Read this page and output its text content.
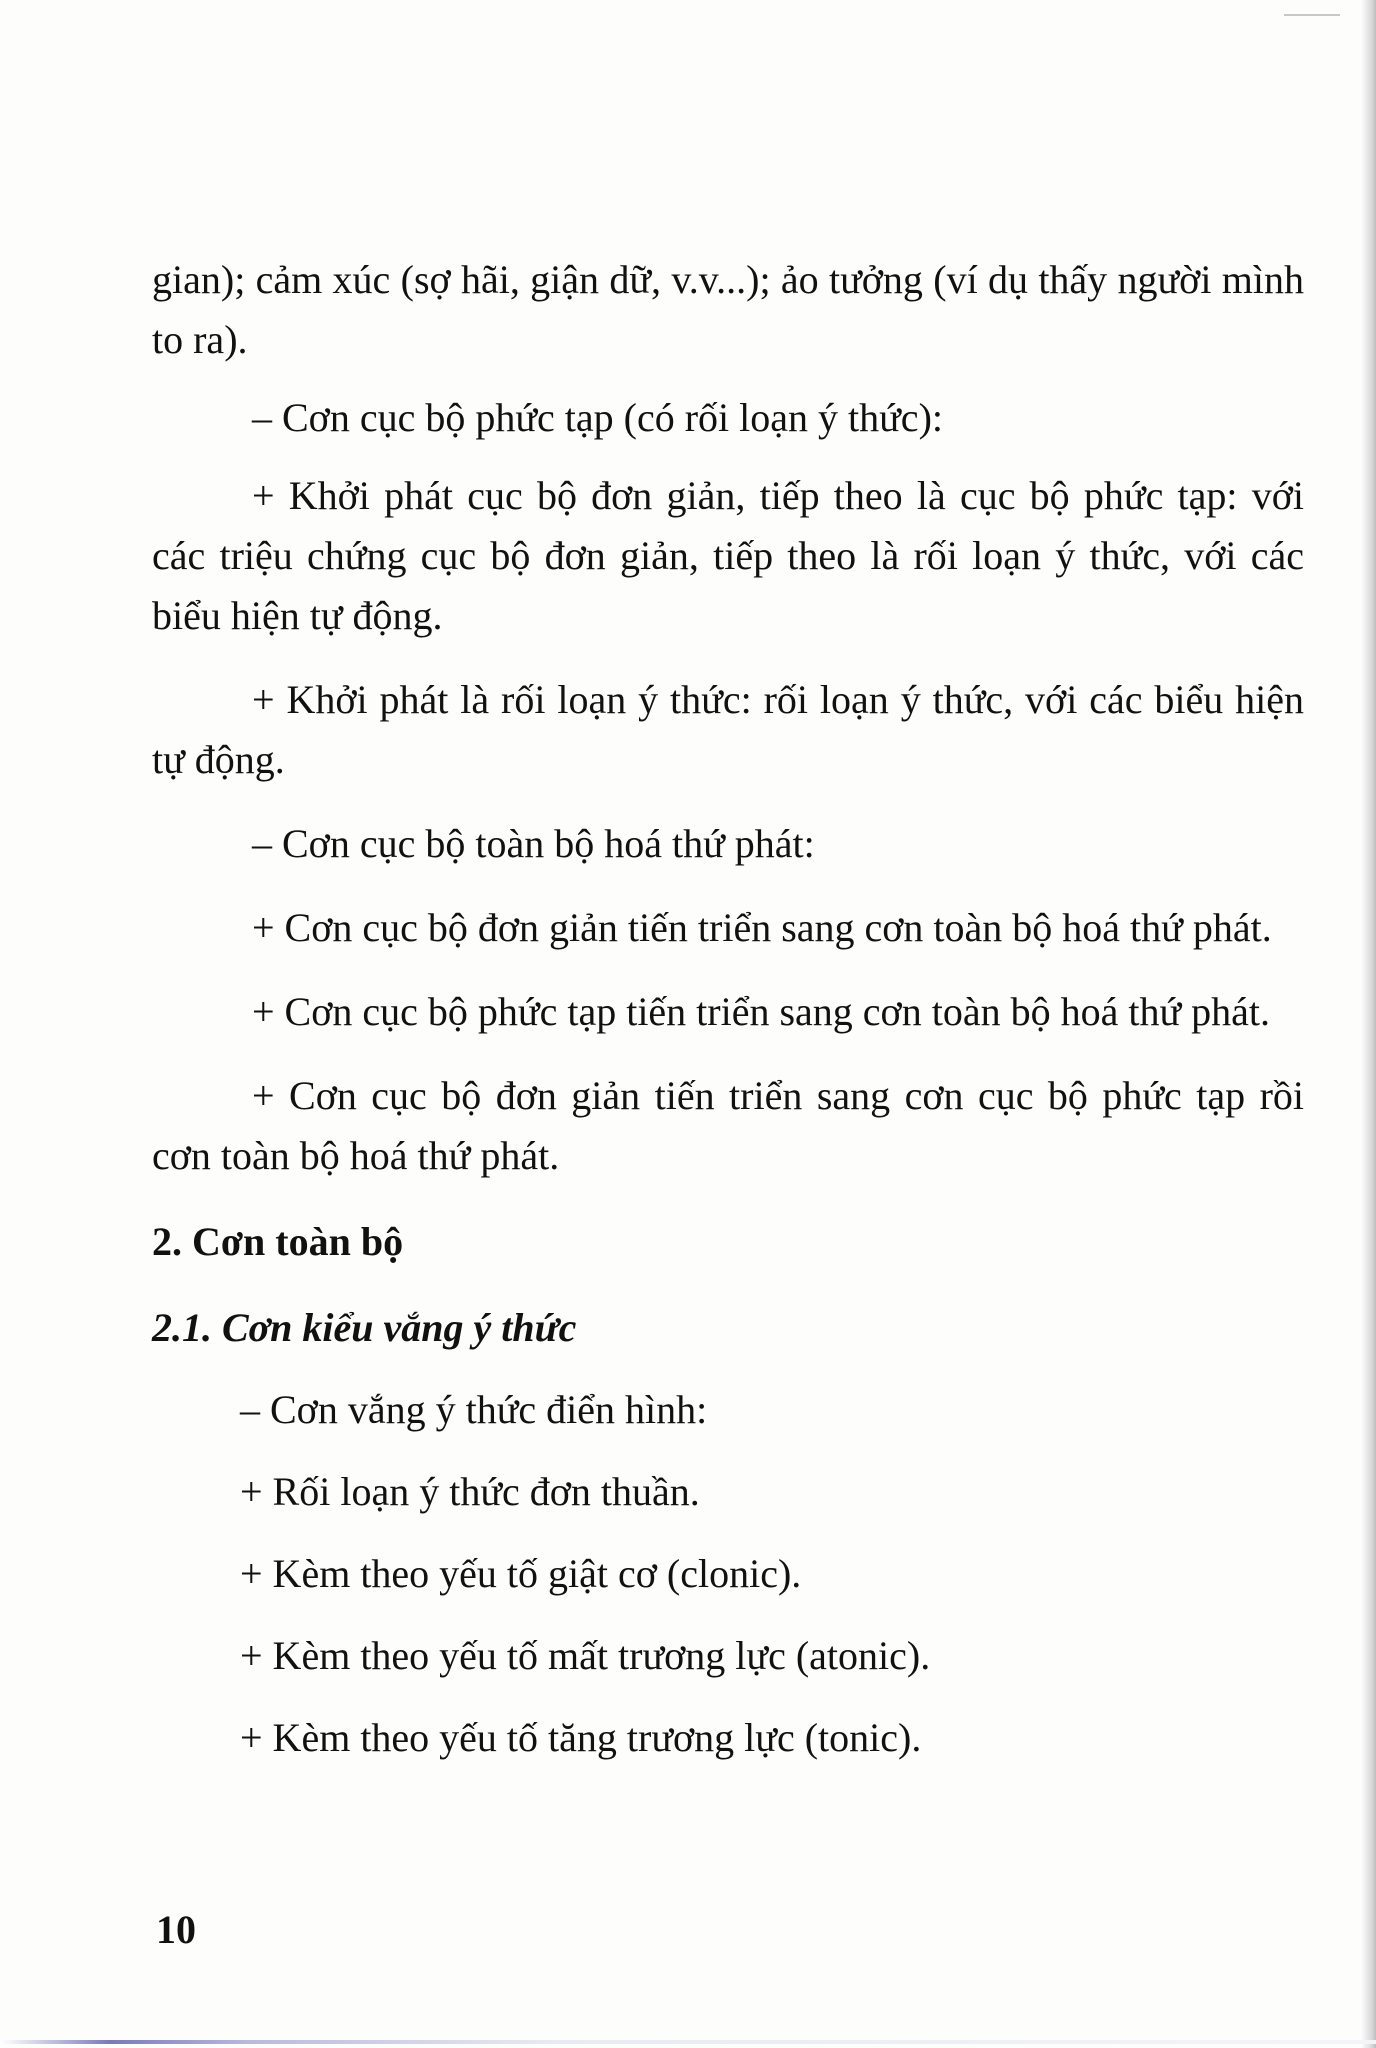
gian); cảm xúc (sợ hãi, giận dữ, v.v...); ảo tưởng (ví dụ thấy người mình to ra).

– Cơn cục bộ phức tạp (có rối loạn ý thức):

+ Khởi phát cục bộ đơn giản, tiếp theo là cục bộ phức tạp: với các triệu chứng cục bộ đơn giản, tiếp theo là rối loạn ý thức, với các biểu hiện tự động.

+ Khởi phát là rối loạn ý thức: rối loạn ý thức, với các biểu hiện tự động.

– Cơn cục bộ toàn bộ hoá thứ phát:

+ Cơn cục bộ đơn giản tiến triển sang cơn toàn bộ hoá thứ phát.

+ Cơn cục bộ phức tạp tiến triển sang cơn toàn bộ hoá thứ phát.

+ Cơn cục bộ đơn giản tiến triển sang cơn cục bộ phức tạp rồi cơn toàn bộ hoá thứ phát.

2. Cơn toàn bộ
2.1. Cơn kiểu vắng ý thức
– Cơn vắng ý thức điển hình:
+ Rối loạn ý thức đơn thuần.
+ Kèm theo yếu tố giật cơ (clonic).
+ Kèm theo yếu tố mất trương lực (atonic).
+ Kèm theo yếu tố tăng trương lực (tonic).
10
